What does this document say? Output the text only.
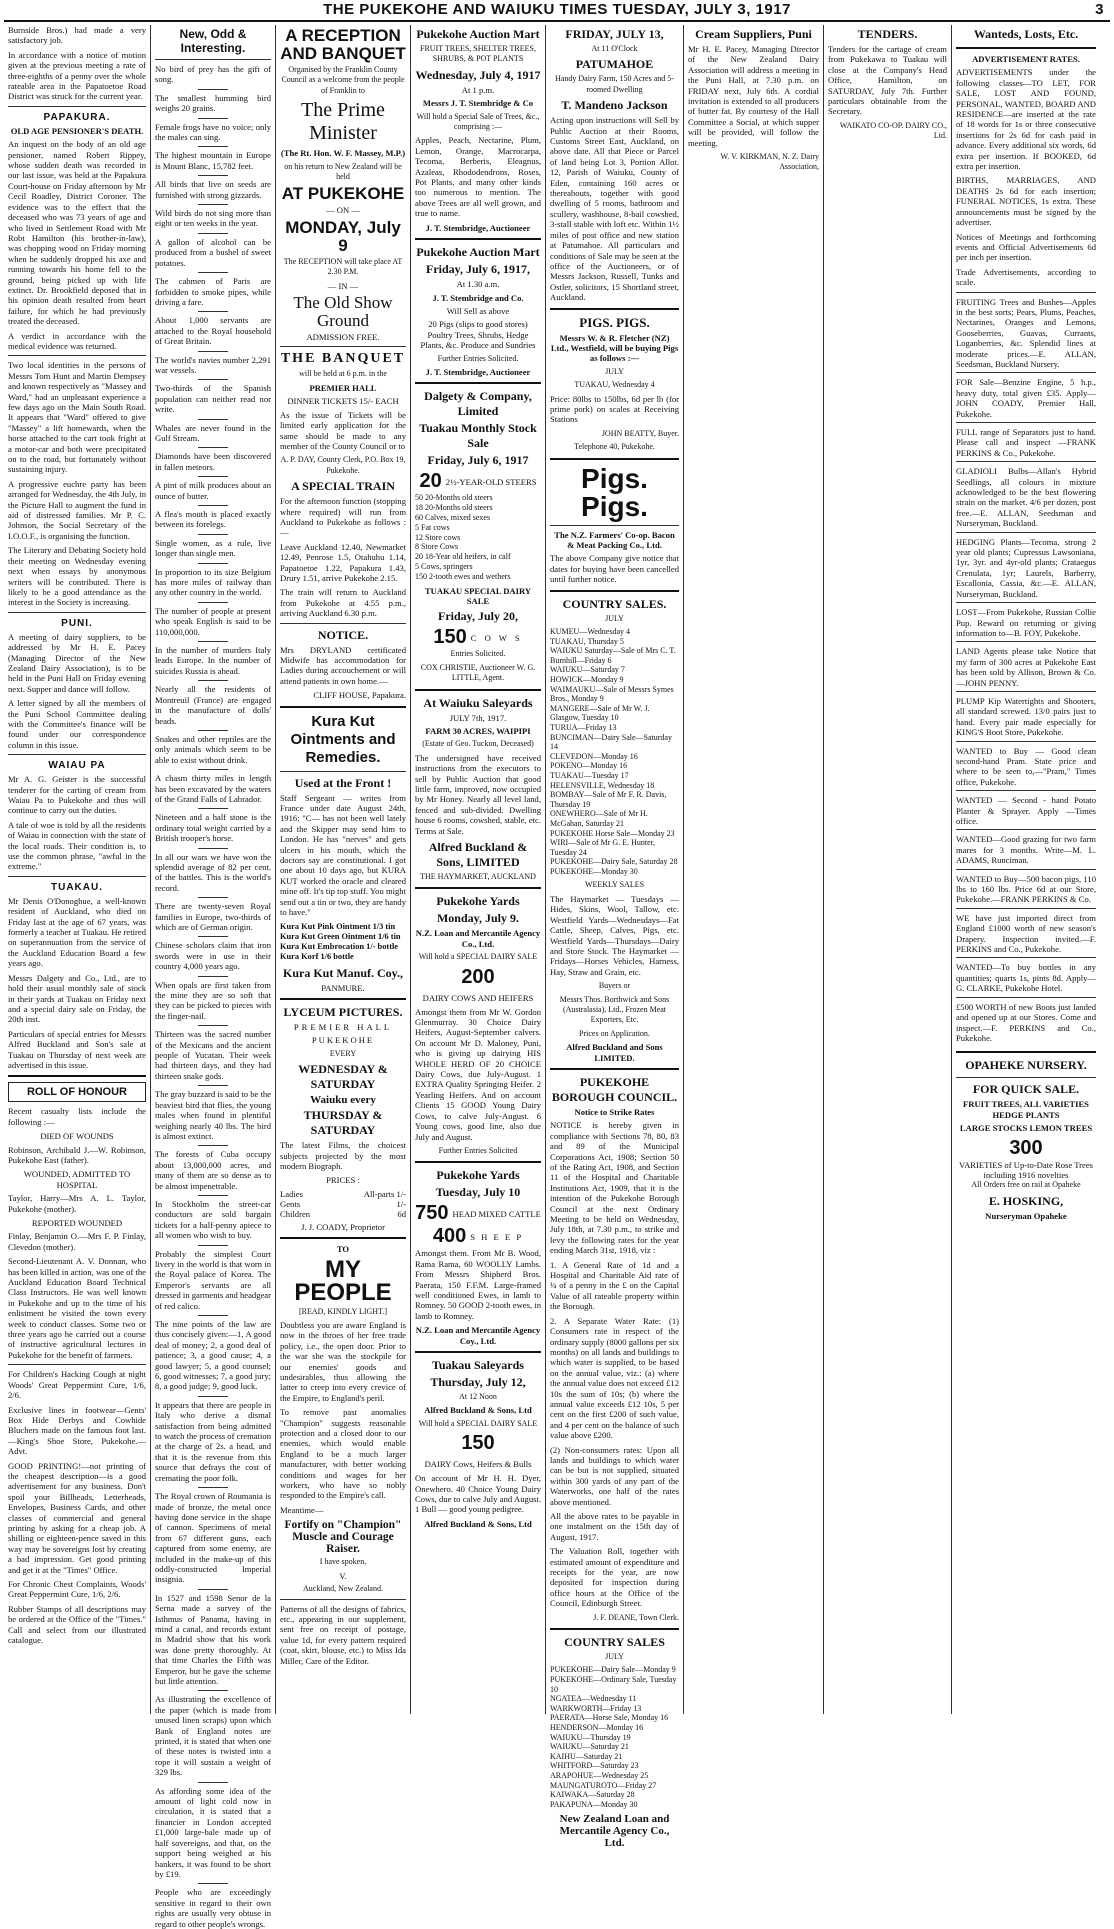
THE PUKEKOHE AND WAIUKU TIMES TUESDAY, JULY 3, 1917	3

Burnside Bros.) had made a very satisfactory job.

In accordance with a notice of motion given at the previous meeting a rate of three-eighths of a penny over the whole rateable area in the Papatoetoe Road District was struck for the current year.

PAPAKURA.
OLD AGE PENSIONER'S DEATH.

An inquest on the body of an old age pensioner, named Robert Rippey, whose sudden death was recorded in our last issue, was held at the Papakura Court-house on Friday afternoon by Mr Cecil Roadley, District Coroner. The evidence was to the effect that the deceased who was 73 years of age and who lived in Settlement Road with Mr Robt Hamilton (his brother-in-law), was chopping wood on Friday morning when he suddenly dropped his axe and running towards his home fell to the ground, being picked up with life extinct. Dr. Brookfield deposed that in his opinion death resulted from heart failure, for which he had previously treated the deceased.

A verdict in accordance with the medical evidence was returned.

Two local identities in the persons of Messrs Tom Hunt and Martin Dempsey and known respectively as "Massey and Ward," had an unpleasant experience a few days ago on the Main South Road. It appears that "Ward" offered to give "Massey" a lift homewards, when the horse attached to the cart took fright at a motor-car and both were precipitated on to the road, but fortunately without sustaining injury.

A progressive euchre party has been arranged for Wednesday, the 4th July, in the Picture Hall to augment the fund in aid of distressed families. Mr P. C. Johnson, the Social Secretary of the I.O.O.F., is organising the function.

The Literary and Debating Society hold their meeting on Wednesday evening next when essays by anonymous writers will be contributed. There is likely to be a good attendance as the interest in the Society is increasing.

PUNI.

A meeting of dairy suppliers, to be addressed by Mr H. E. Pacey (Managing Director of the New Zealand Dairy Association), is to be held in the Puni Hall on Friday evening next. Supper and dance will follow.

A letter signed by all the members of the Puni School Committee dealing with the Committee's finance will be found under our correspondence column in this issue.

WAIAU PA

Mr A. G. Geister is the successful tenderer for the carting of cream from Waiau Pa to Pukekohe and thus will continue to carry out the duties.

A tale of woe is told by all the residents of Waiau in connection with the state of the local roads. Their condition is, to use the common phrase, "awful in the extreme."

TUAKAU.

Mr Denis O'Donoghue, a well-known resident of Auckland, who died on Friday last at the age of 67 years, was formerly a teacher at Tuakau. He retired on superannuation from the service of the Auckland Education Board a few years ago.

Messrs Dalgety and Co., Ltd., are to hold their usual monthly sale of stock in their yards at Tuakau on Friday next and a special dairy sale on Friday, the 20th inst.

Particulars of special entries for Messrs Alfred Buckland and Son's sale at Tuakau on Thursday of next week are advertised in this issue.

ROLL OF HONOUR

Recent casualty lists include the following :—

DIED OF WOUNDS

Robinson, Archibald J.—W. Robinson, Pukekohe East (father).

WOUNDED, ADMITTED TO HOSPITAL

Taylor, Harry—Mrs A. L. Taylor, Pukekohe (mother).

REPORTED WOUNDED

Finlay, Benjamin O.—Mrs F. P. Finlay, Clevedon (mother).

Second-Lieutenant A. V. Donnan, who has been killed in action, was one of the Auckland Education Board Technical Class Instructors. He was well known in Pukekohe and up to the time of his enlistment he visited the town every week to conduct classes. Some two or three years ago he carried out a course of instructive agricultural lectures in Pukekohe for the benefit of farmers.

For Children's Hacking Cough at night Woods' Great Peppermint Cure, 1/6, 2/6.

Exclusive lines in footwear—Gents' Box Hide Derbys and Cowhide Bluchers made on the famous foot last.—King's Shoe Store, Pukekohe.—Advt.

GOOD PRINTING!—not printing of the cheapest description—is a good advertisement for any business. Don't spoil your Billheads, Letterheads, Envelopes, Business Cards, and other classes of commercial and general printing by asking for a cheap job. A shilling or eighteen-pence saved in this way may be sovereigns lost by creating a bad impression. Get good printing and get it at the "Times" Office.

For Chronic Chest Complaints, Woods' Great Peppermint Cure, 1/6, 2/6.

Rubber Stamps of all descriptions may be ordered at the Office of the "Times." Call and select from our illustrated catalogue.

New, Odd & Interesting.

No bird of prey has the gift of song.

The smallest humming bird weighs 20 grains.

Female frogs have no voice; only the males can sing.

The highest mountain in Europe is Mount Blanc, 15,782 feet.

All birds that live on seeds are furnished with strong gizzards.

Wild birds do not sing more than eight or ten weeks in the year.

A gallon of alcohol can be produced from a bushel of sweet potatoes.

The cabmen of Paris are forbidden to smoke pipes, while driving a fare.

About 1,000 servants are attached to the Royal household of Great Britain.

The world's navies number 2,291 war vessels.

Two-thirds of the Spanish population can neither read nor write.

Whales are never found in the Gulf Stream.

Diamonds have been discovered in fallen meteors.

A pint of milk produces about an ounce of butter.

A flea's mouth is placed exactly between its forelegs.

Single women, as a rule, live longer than single men.

In proportion to its size Belgium has more miles of railway than any other country in the world.

The number of people at present who speak English is said to be 110,000,000.

In the number of murders Italy leads Europe. In the number of suicides Russia is ahead.

Nearly all the residents of Montreuil (France) are engaged in the manufacture of dolls' heads.

Snakes and other reptiles are the only animals which seem to be able to exist without drink.

A chasm thirty miles in length has been excavated by the waters of the Grand Falls of Labrador.

Nineteen and a half stone is the ordinary total weight carried by a British trooper's horse.

In all our wars we have won the splendid average of 82 per cent. of the battles. This is the world's record.

There are twenty-seven Royal families in Europe, two-thirds of which are of German origin.

Chinese scholars claim that iron swords were in use in their country 4,000 years ago.

When opals are first taken from the mine they are so soft that they can be picked to pieces with the finger-nail.

Thirteen was the sacred number of the Mexicans and the ancient people of Yucatan. Their week had thirteen days, and they had thirteen snake gods.

The gray buzzard is said to be the heaviest bird that flies, the young males when found in plentiful weighing nearly 40 lbs. The bird is almost extinct.

The forests of Cuba occupy about 13,000,000 acres, and many of them are so dense as to be almost impenetrable.

In Stockholm the street-car conductors are sold bargain tickets for a half-penny apiece to all women who wish to buy.

Probably the simplest Court livery in the world is that worn in the Royal palace of Korea. The Emperor's servants are all dressed in garments and headgear of red calico.

The nine points of the law are thus concisely given:—1, A good deal of money; 2, a good deal of patience; 3, a good cause; 4, a good lawyer; 5, a good counsel; 6, good witnesses; 7, a good jury; 8, a good judge; 9, good luck.

It appears that there are people in Italy who derive a dismal satisfaction from being admitted to watch the process of cremation at the charge of 2s. a head, and that it is the revenue from this source that defrays the cost of cremating the poor folk.

The Royal crown of Roumania is made of bronze, the metal once having done service in the shape of cannon. Specimens of metal from 67 different guns, each captured from some enemy, are included in the make-up of this oddly-constructed Imperial insignia.

In 1527 and 1598 Senor de la Serna made a survey of the Isthmus of Panama, having in mind a canal, and records extant in Madrid show that his work was done pretty thoroughly. At that time Charles the Fifth was Emperor, but he gave the scheme but little attention.

As illustrating the excellence of the paper (which is made from unused linen scraps) upon which Bank of England notes are printed, it is stated that when one of these notes is twisted into a rope it will sustain a weight of 329 lbs.

As affording some idea of the amount of light cold now in circulation, it is stated that a financier in London accepted £1,000 large-bale made up of half sovereigns, and that, on the support being weighed at his bankers, it was found to be short by £19.

People who are exceedingly sensitive in regard to their own rights are usually very obtuse in regard to other people's wrongs.

A RECEPTION AND BANQUET
Organised by the Franklin County Council as a welcome from the people of Franklin to
The Prime Minister
(The Rt. Hon. W. F. Massey, M.P.)
on his return to New Zealand will be held
AT PUKEKOHE
— ON —
MONDAY, July 9
The RECEPTION will take place AT 2.30 P.M.
— IN —
The Old Show Ground
ADMISSION FREE.
THE BANQUET
will be held at 6 p.m. in the
PREMIER HALL
DINNER TICKETS 15/- EACH

As the issue of Tickets will be limited early application for the same should be made to any member of the County Council or to

A. P. DAY, County Clerk, P.O. Box 19, Pukekohe.
A SPECIAL TRAIN

For the afternoon function (stopping where required) will run from Auckland to Pukekohe as follows :—

Leave Auckland 12.40, Newmarket 12.49, Penrose 1.5, Otahuhu 1.14, Papatoetoe 1.22, Papakura 1.43, Drury 1.51, arrive Pukekohe 2.15.

The train will return to Auckland from Pukekohe at 4.55 p.m., arriving Auckland 6.30 p.m.

NOTICE.

Mrs DRYLAND certificated Midwife has accommodation for Ladies during accouchement or will attend patients in own home.—

CLIFF HOUSE, Papakura.
Kura Kut Ointments and Remedies.
Used at the Front !

Staff Sergeant — writes from France under date August 24th, 1916: "C— has not been well lately and the Skipper may send him to London. He has "nerves" and gets ulcers in his mouth, which the doctors say are constitutional. I got one about 10 days ago, but KURA KUT worked the oracle and cleared mine off. It's tip top stuff. You might send out a tin or two, they are handy to have."

Kura Kut Pink Ointment 1/3 tin
Kura Kut Green Ointment 1/6 tin
Kura Kut Embrocation 1/- bottle
Kura Korf 1/6 bottle
Kura Kut Manuf. Coy.,
PANMURE.
LYCEUM PICTURES.
PREMIER HALL
PUKEKOHE
EVERY
WEDNESDAY & SATURDAY
Waiuku every
THURSDAY & SATURDAY

The latest Films, the choicest subjects projected by the most modern Biograph.

PRICES :
Ladies	All-parts 1/-
Gents	1/-
Children	6d
J. J. COADY, Proprietor
TO
MY PEOPLE
[READ, KINDLY LIGHT.]

Doubtless you are aware England is now in the throes of her free trade policy, i.e., the open door. Prior to the war she was the stockpile for our enemies' goods and undesirables, thus allowing the latter to creep into every crevice of the Empire, to England's peril.

To remove past anomalies "Champion" suggests reasonable protection and a closed door to our enemies, which would enable England to be a much larger manufacturer, with better working conditions and wages for her workers, who have so nobly responded to the Empire's call.

Meantime—

Fortify on "Champion" Muscle and Courage Raiser.
I have spoken,
V.
Auckland, New Zealand.

Patterns of all the designs of fabrics, etc., appearing in our supplement, sent free on receipt of postage, value 1d, for every pattern required (coat, skirt, blouse, etc.) to Miss Ida Miller, Care of the Editor.

Pukekohe Auction Mart
FRUIT TREES, SHELTER TREES, SHRUBS, & POT PLANTS
Wednesday, July 4, 1917
At 1 p.m.
Messrs J. T. Stembridge & Co
Will hold a Special Sale of Trees, &c., comprising :—

Apples, Peach, Nectarine, Plum, Lemon, Orange, Macrocarpa, Tecoma, Berberis, Eleagnus, Azaleas, Rhododendrons, Roses, Pot Plants, and many other kinds too numerous to mention. The above Trees are all well grown, and true to name.

J. T. Stembridge, Auctioneer
Pukekohe Auction Mart
Friday, July 6, 1917,
At 1.30 a.m.
J. T. Stembridge and Co.
Will Sell as above
20 Pigs (slips to good stores) Poultry Trees, Shrubs, Hedge Plants, &c. Produce and Sundries
Further Entries Solicited.
J. T. Stembridge, Auctioneer
Dalgety & Company, Limited
Tuakau Monthly Stock Sale
Friday, July 6, 1917
20 2½-YEAR-OLD STEERS

50 20-Months old steers
18 20-Months old steers
60 Calves, mixed sexes
5 Fat cows
12 Store cows
8 Store Cows
20 18-Year old heifers, in calf
5 Cows, springers
150 2-tooth ewes and wethers

TUAKAU SPECIAL DAIRY SALE
Friday, July 20,
150 C O W S
Entries Solicited.
COX CHRISTIE, Auctioneer W. G. LITTLE, Agent.
At Waiuku Saleyards
JULY 7th, 1917.
FARM 30 ACRES, WAIPIPI
(Estate of Geo. Tuckon, Deceased)

The undersigned have received instructions from the executors to sell by Public Auction that good little farm, improved, now occupied by Mr Honey. Nearly all level land, fenced and sub-divided. Dwelling house 6 rooms, cowshed, stable, etc. Terms at Sale.

Alfred Buckland & Sons, LIMITED
THE HAYMARKET, AUCKLAND
Pukekohe Yards
Monday, July 9.
N.Z. Loan and Mercantile Agency Co., Ltd.
Will hold a SPECIAL DAIRY SALE
200 DAIRY COWS AND HEIFERS

Amongst them from Mr W. Gordon Glenmurray. 30 Choice Dairy Heifers, August-September calvers. On account Mr D. Maloney, Puni, who is giving up dairying HIS WHOLE HERD OF 20 CHOICE Dairy Cows, due July-August. 1 EXTRA Quality Springing Heifer. 2 Yearling Heifers. And on account Clients 15 GOOD Young Dairy Cows, to calve July-August. 6 Young cows, good line, also due July and August.

Further Entries Solicited
Pukekohe Yards
Tuesday, July 10
750 HEAD MIXED CATTLE
400 S H E E P

Amongst them. From Mr B. Wood, Rama Rama, 60 WOOLLY Lambs. From Messrs Shipherd Bros. Paerata, 150 F.F.M. Large-framed well conditioned Ewes, in lamb to Romney. 50 GOOD 2-tooth ewes, in lamb to Romney.

N.Z. Loan and Mercantile Agency Coy., Ltd.
Tuakau Saleyards
Thursday, July 12,
At 12 Noon
Alfred Buckland & Sons, Ltd
Will hold a SPECIAL DAIRY SALE
150 DAIRY Cows, Heifers & Bulls

On account of Mr H. H. Dyer, Onewhero. 40 Choice Young Dairy Cows, due to calve July and August. 1 Bull — good young pedigree.

Alfred Buckland & Sons, Ltd
FRIDAY, JULY 13,
At 11 O'Clock
PATUMAHOE
Handy Dairy Farm, 150 Acres and 5-roomed Dwelling
T. Mandeno Jackson

Acting upon instructions will Sell by Public Auction at their Rooms, Customs Street East, Auckland, on above date. All that Piece or Parcel of land being Lot 3, Portion Allot. 12, Parish of Waiuku, County of Eden, containing 160 acres or thereabouts, together with good dwelling of 5 rooms, bathroom and scullery, washhouse, 8-bail cowshed, 3-stall stable with loft etc. Within 1½ miles of post office and new station at Patumahoe. All particulars and conditions of Sale may be seen at the office of the Auctioneers, or of Messrs Jackson, Russell, Tunks and Ostler, solicitors, 15 Shortland street, Auckland.

PIGS. PIGS.
Messrs W. & R. Fletcher (NZ) Ltd., Westfield, will be buying Pigs as follows :—
JULY
TUAKAU, Wednesday 4

Price: 80lbs to 150lbs, 6d per lb (for prime pork) on scales at Receiving Stations

JOHN BEATTY, Buyer.
Telephone 40, Pukekohe.
Pigs. Pigs.
The N.Z. Farmers' Co-op. Bacon & Meat Packing Co., Ltd.

The above Company give notice that dates for buying have been cancelled until further notice.

COUNTRY SALES.
JULY

KUMEU—Wednesday 4
TUAKAU, Thursday 5
WAIUKU Saturday—Sale of Mrs C. T. Burnhill—Friday 6
WAIUKU—Saturday 7
HOWICK—Monday 9
WAIMAUKU—Sale of Messrs Symes Bros., Monday 9
MANGERE—Sale of Mr W. J. Glasgow, Tuesday 10
TURUA—Friday 13
BUNCIMAN—Dairy Sale—Saturday 14
CLEVEDON—Monday 16
POKENO—Monday 16
TUAKAU—Tuesday 17
HELENSVILLE, Wednesday 18
BOMBAY—Sale of Mr F. R. Davis, Thursday 19
ONEWHERO—Sale of Mr H. McGahan, Saturday 21
PUKEKOHE Horse Sale—Monday 23
WIRI—Sale of Mr G. E. Hunter, Tuesday 24
PUKEKOHE—Dairy Sale, Saturday 28
PUKEKOHE—Monday 30

WEEKLY SALES

The Haymarket — Tuesdays — Hides, Skins, Wool, Tallow, etc. Westfield Yards—Wednesdays—Fat Cattle, Sheep, Calves, Pigs, etc. Westfield Yards—Thursdays—Dairy and Store Stock. The Haymarket — Fridays—Horses Vehicles, Harness, Hay, Straw and Grain, etc.

Buyers or
Messrs Thos. Borthwick and Sons (Australasia), Ltd., Frozen Meat Exporters, Etc.
Prices on Application.
Alfred Buckland and Sons LIMITED.
PUKEKOHE BOROUGH COUNCIL.
Notice to Strike Rates

NOTICE is hereby given in compliance with Sections 78, 80, 83 and 89 of the Municipal Corporations Act, 1908; Section 50 of the Rating Act, 1908, and Section 11 of the Hospital and Charitable Institutions Act, 1909, that it is the intention of the Pukekohe Borough Council at the next Ordinary Meeting to be held on Wednesday, July 18th, at 7.30 p.m., to strike and levy the following rates for the year ending March 31st, 1918, viz :

1. A General Rate of 1d and a Hospital and Charitable Aid rate of ¼ of a penny in the £ on the Capital Value of all rateable property within the Borough.

2. A Separate Water Rate: (1) Consumers rate in respect of the ordinary supply (8000 gallons per six months) on all lands and buildings to which water is supplied, to be based on the annual value, viz.: (a) where the annual value does not exceed £12 10s the sum of 10s; (b) where the annual value exceeds £12 10s, 5 per cent on the first £200 of such value, and 4 per cent on the balance of such value above £200.

(2) Non-consumers rates: Upon all lands and buildings to which water can be but is not supplied, situated within 300 yards of any part of the Waterworks, one half of the rates above mentioned.

All the above rates to be payable in one instalment on the 15th day of August, 1917.

The Valuation Roll, together with estimated amount of expenditure and receipts for the year, are now deposited for inspection during office hours at the Office of the Council, Edinburgh Street.

J. F. DEANE, Town Clerk.
COUNTRY SALES
JULY

PUKEKOHE—Dairy Sale—Monday 9
PUKEKOHE—Ordinary Sale, Tuesday 10
NGATEA—Wednesday 11
WARKWORTH—Friday 13
PAERATA—Horse Sale, Monday 16
HENDERSON—Monday 16
WAIUKU—Thursday 19
WAIUKU—Saturday 21
KAIHU—Saturday 21
WHITFORD—Saturday 23
ARAPOHUE—Wednesday 25
MAUNGATUROTO—Friday 27
KAIWAKA—Saturday 28
PAKAPUNA—Monday 30

New Zealand Loan and Mercantile Agency Co., Ltd.
Cream Suppliers, Puni

Mr H. E. Pacey, Managing Director of the New Zealand Dairy Association will address a meeting in the Puni Hall, at 7.30 p.m. on FRIDAY next, July 6th. A cordial invitation is extended to all producers of butter fat. By courtesy of the Hall Committee a Social, at which supper will be provided, will follow the meeting.

W. V. KIRKMAN, N. Z. Dairy Association,
TENDERS.

Tenders for the cartage of cream from Pukekawa to Tuakau will close at the Company's Head Office, Hamilton, on SATURDAY, July 7th. Further particulars obtainable from the Secretary.

WAIKATO CO-OP. DAIRY CO., Ltd.
Wanteds, Losts, Etc.
ADVERTISEMENT RATES.

ADVERTISEMENTS under the following classes—TO LET, FOR SALE, LOST AND FOUND, PERSONAL, WANTED, BOARD AND RESIDENCE—are inserted at the rate of 18 words for 1s or three consecutive insertions for 2s 6d for cash paid in advance. Every additional six words, 6d extra per insertion. If BOOKED, 6d extra per insertion.

BIRTHS, MARRIAGES, AND DEATHS 2s 6d for each insertion; FUNERAL NOTICES, 1s extra. These announcements must be signed by the advertiser.

Notices of Meetings and forthcoming events and Official Advertisements 6d per inch per insertion.

Trade Advertisements, according to scale.

FRUITING Trees and Bushes—Apples in the best sorts; Pears, Plums, Peaches, Nectarines, Oranges and Lemons, Gooseberries, Guavas, Currants, Loganberries, &c. Splendid lines at moderate prices.—E. ALLAN, Seedsman, Buckland Nursery.

FOR Sale—Benzine Engine, 5 h.p., heavy duty, total given £35. Apply—JOHN COADY, Premier Hall, Pukekohe.

FULL range of Separators just to hand. Please call and inspect —FRANK PERKINS & Co., Pukekohe.

GLADIOLI Bulbs—Allan's Hybrid Seedlings, all colours in mixture acknowledged to be the best flowering strain on the market. 4/6 per dozen, post free.—E. ALLAN, Seedsman and Nurseryman, Buckland.

HEDGING Plants—Tecoma, strong 2 year old plants; Cupressus Lawsoniana, 1yr, 3yr. and 4yr-old plants; Crataegus Crenulata, 1yr; Laurels, Barberry, Escallonia, Cassia, &c.—E. ALLAN, Nurseryman, Buckland.

LOST—From Pukekohe, Russian Collie Pup. Reward on returning or giving information to—B. FOY, Pukekohe.

LAND Agents please take Notice that my farm of 300 acres at Pukekohe East has been sold by Allison, Brown & Co.—JOHN PENNY.

PLUMP Kip Watertights and Shooters, all standard screwed. 13/0 pairs just to hand. Every pair made especially for KING'S Boot Store, Pukekohe.

WANTED to Buy — Good clean second-hand Pram. State price and where to be seen to,—"Pram," Times office, Pukekohe.

WANTED — Second - hand Potato Planter & Sprayer. Apply —Times office.

WANTED—Good grazing for two farm mares for 3 months. Write—M. L. ADAMS, Runciman.

WANTED to Buy—500 bacon pigs, 110 lbs to 160 lbs. Price 6d at our Store, Pukekohe.—FRANK PERKINS & Co.

WE have just imported direct from England £1000 worth of new season's Drapery. Inspection invited.—F. PERKINS and Co., Pukekohe.

WANTED—To buy bottles in any quantities; quarts 1s, pints 8d. Apply—G. CLARKE, Pukekohe Hotel.

£500 WORTH of new Boots just landed and opened up at our Stores. Come and inspect.—F. PERKINS and Co., Pukekohe.

OPAHEKE NURSERY.
FOR QUICK SALE.
FRUIT TREES, ALL VARIETIES HEDGE PLANTS
LARGE STOCKS LEMON TREES
300 VARIETIES of Up-to-Date Rose Trees including 1916 novelties
All Orders free on rail at Opaheke
E. HOSKING,
Nurseryman Opaheke
